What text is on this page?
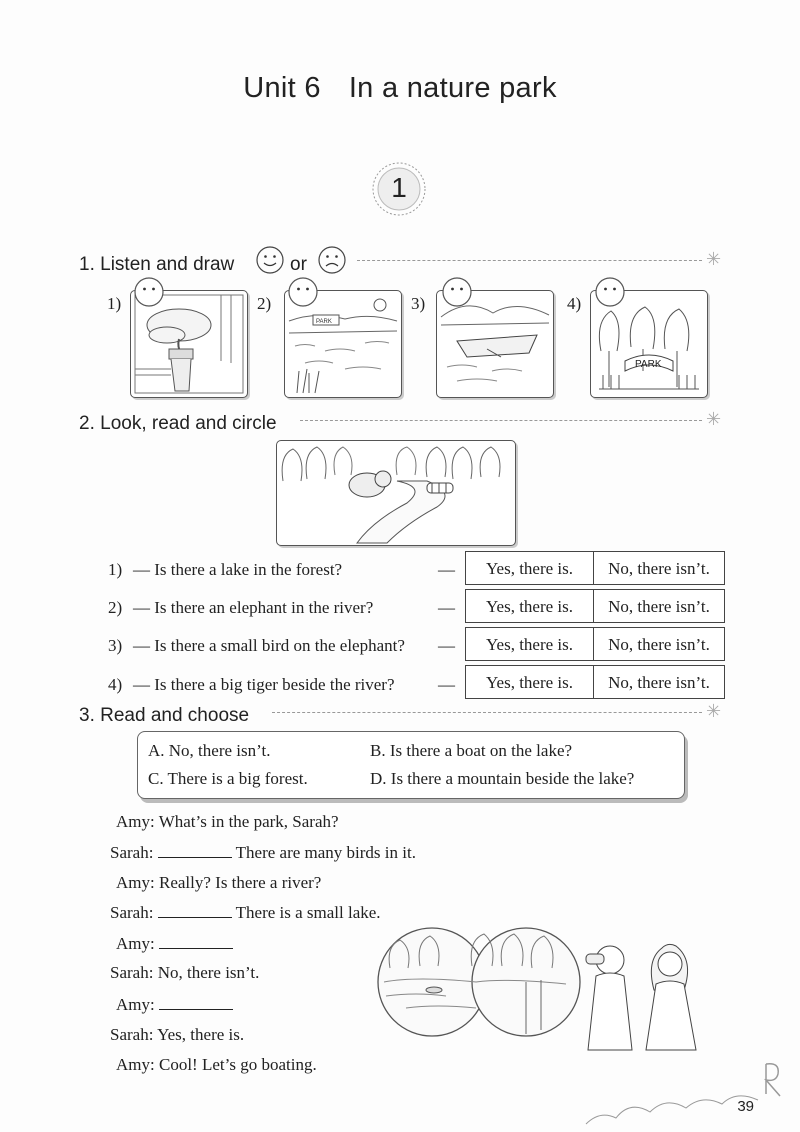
Unit 6 In a nature park
1
1. Listen and draw	or	✳
1)	2)
PARK
3)	4)
PARK
2. Look, read and circle	✳
1) — Is there a lake in the forest?	—	Yes, there is.	No, there isn’t.
2) — Is there an elephant in the river?	—	Yes, there is.	No, there isn’t.
3) — Is there a small bird on the elephant? —	Yes, there is.	No, there isn’t.
4) — Is there a big tiger beside the river?	—	Yes, there is.	No, there isn’t.
3. Read and choose	✳
A. No, there isn’t.	B. Is there a boat on the lake?
C. There is a big forest.	D. Is there a mountain beside the lake?
Amy: What’s in the park, Sarah?
Sarah:	There are many birds in it.
Amy: Really? Is there a river?
Sarah:	There is a small lake.
Amy:
Sarah: No, there isn’t.
Amy:
Sarah: Yes, there is.
Amy: Cool! Let’s go boating.
39
